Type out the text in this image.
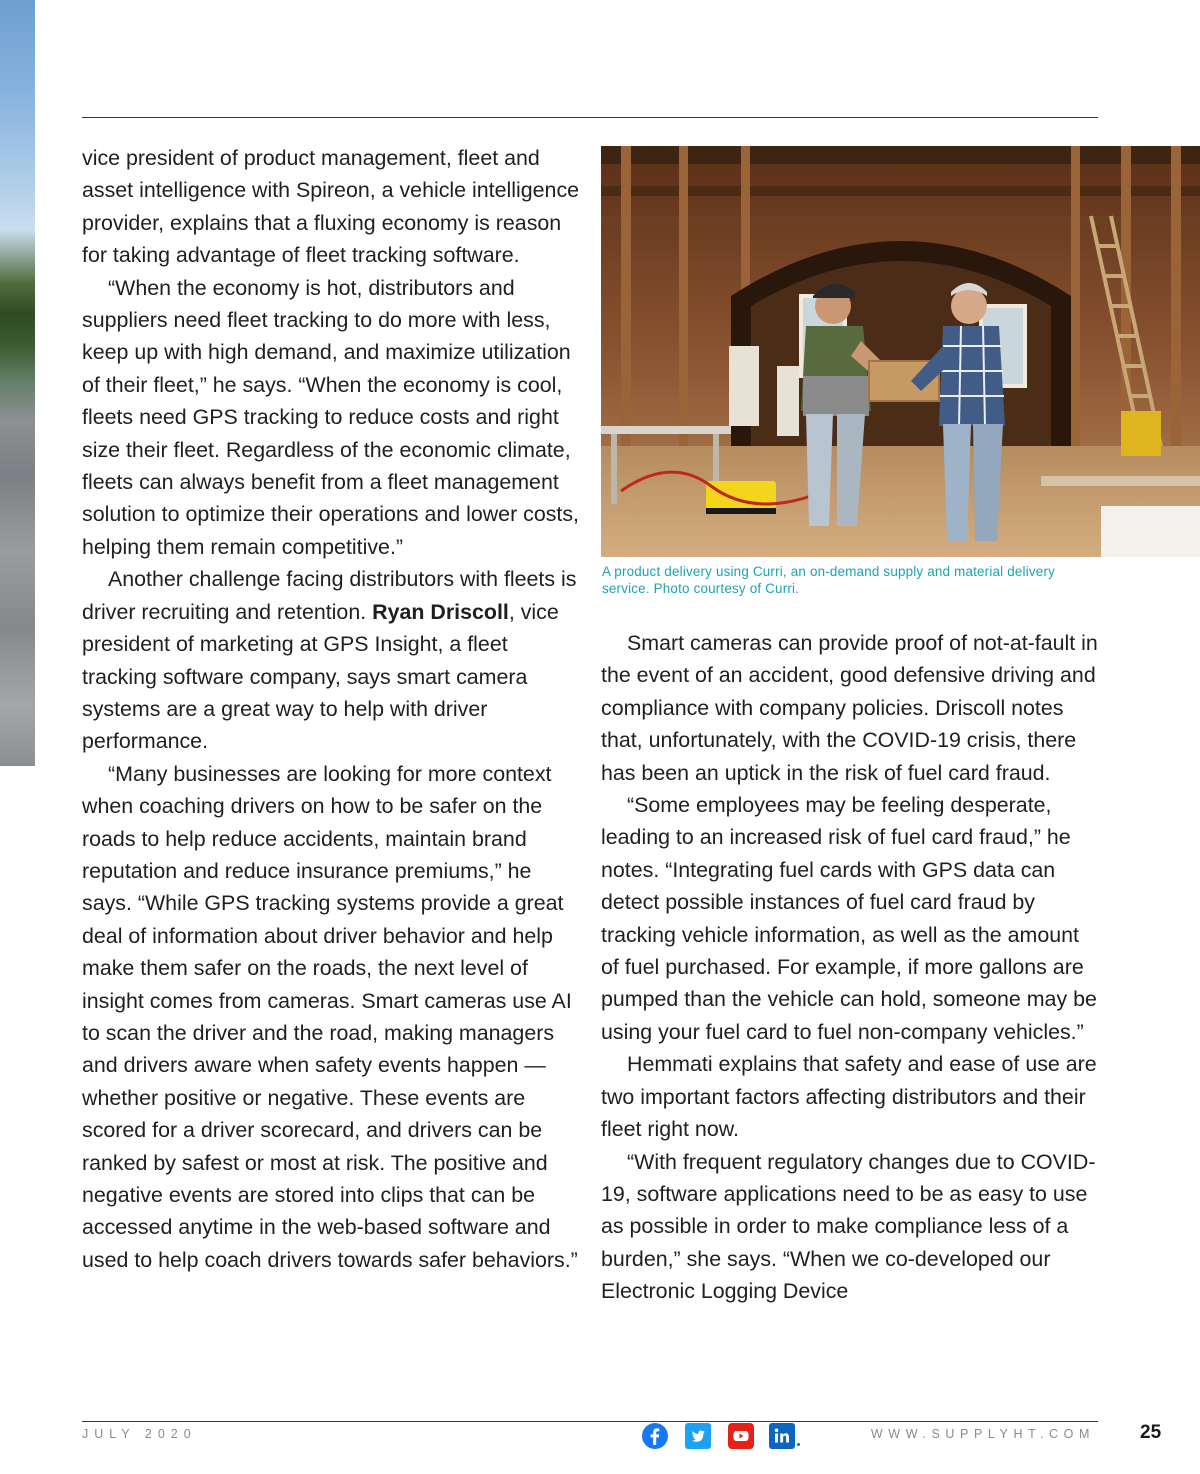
vice president of product management, fleet and asset intelligence with Spireon, a vehicle intelligence provider, explains that a fluxing economy is reason for taking advantage of fleet tracking software.

“When the economy is hot, distributors and suppliers need fleet tracking to do more with less, keep up with high demand, and maximize utilization of their fleet,” he says. “When the economy is cool, fleets need GPS tracking to reduce costs and right size their fleet. Regardless of the economic climate, fleets can always benefit from a fleet management solution to optimize their operations and lower costs, helping them remain competitive.”

Another challenge facing distributors with fleets is driver recruiting and retention. Ryan Driscoll, vice president of marketing at GPS Insight, a fleet tracking software company, says smart camera systems are a great way to help with driver performance.

“Many businesses are looking for more context when coaching drivers on how to be safer on the roads to help reduce accidents, maintain brand reputation and reduce insurance premiums,” he says. “While GPS tracking systems provide a great deal of information about driver behavior and help make them safer on the roads, the next level of insight comes from cameras. Smart cameras use AI to scan the driver and the road, making managers and drivers aware when safety events happen — whether positive or negative. These events are scored for a driver scorecard, and drivers can be ranked by safest or most at risk. The positive and negative events are stored into clips that can be accessed anytime in the web-based software and used to help coach drivers towards safer behaviors.”

A product delivery using Curri, an on-demand supply and material delivery service. Photo courtesy of Curri.

Smart cameras can provide proof of not-at-fault in the event of an accident, good defensive driving and compliance with company policies. Driscoll notes that, unfortunately, with the COVID-19 crisis, there has been an uptick in the risk of fuel card fraud.

“Some employees may be feeling desperate, leading to an increased risk of fuel card fraud,” he notes. “Integrating fuel cards with GPS data can detect possible instances of fuel card fraud by tracking vehicle information, as well as the amount of fuel purchased. For example, if more gallons are pumped than the vehicle can hold, someone may be using your fuel card to fuel non-company vehicles.”

Hemmati explains that safety and ease of use are two important factors affecting distributors and their fleet right now.

“With frequent regulatory changes due to COVID-19, software applications need to be as easy to use as possible in order to make compliance less of a burden,” she says. “When we co-developed our Electronic Logging Device

JULY 2020	WWW.SUPPLYHT.COM 25
